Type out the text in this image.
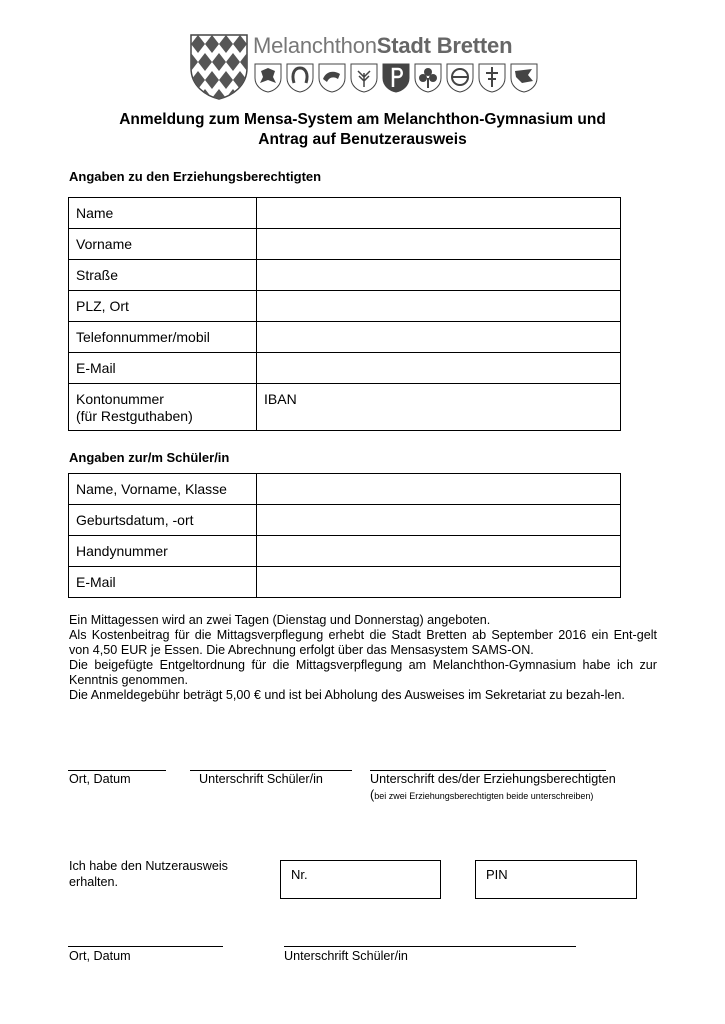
MelanchthonStadt Bretten
Anmeldung zum Mensa-System am Melanchthon-Gymnasium und
Antrag auf Benutzerausweis
Angaben zu den Erziehungsberechtigten
Name	

Vorname	

Straße	

PLZ, Ort	

Telefonnummer/mobil	

E-Mail	

Kontonummer
(für Restguthaben)	IBAN
Angaben zur/m Schüler/in
Name, Vorname, Klasse	

Geburtsdatum, -ort	

Handynummer	

E-Mail	

Ein Mittagessen wird an zwei Tagen (Dienstag und Donnerstag) angeboten.

Als Kostenbeitrag für die Mittagsverpflegung erhebt die Stadt Bretten ab September 2016 ein Ent-gelt von 4,50 EUR je Essen. Die Abrechnung erfolgt über das Mensasystem SAMS-ON.

Die beigefügte Entgeltordnung für die Mittagsverpflegung am Melanchthon-Gymnasium habe ich zur Kenntnis genommen.

Die Anmeldegebühr beträgt 5,00 € und ist bei Abholung des Ausweises im Sekretariat zu bezah-len.

Ort, Datum	Unterschrift Schüler/in	Unterschrift des/der Erziehungsberechtigten
(bei zwei Erziehungsberechtigten beide unterschreiben)
Ich habe den Nutzerausweis
erhalten.	Nr.	PIN
Ort, Datum	Unterschrift Schüler/in
